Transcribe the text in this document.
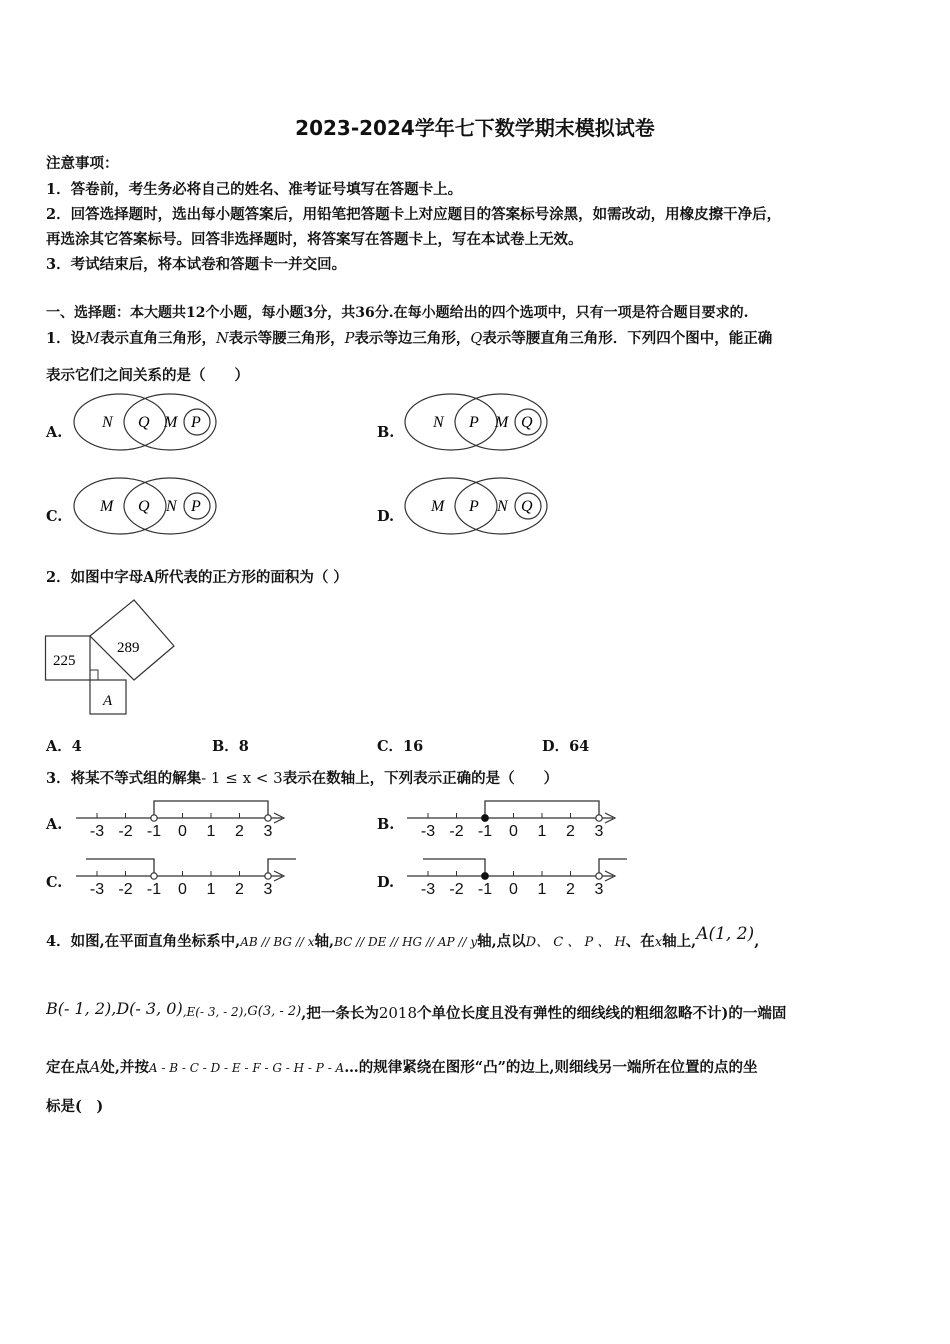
2023-2024学年七下数学期末模拟试卷
注意事项：
1．答卷前，考生务必将自己的姓名、准考证号填写在答题卡上。
2．回答选择题时，选出每小题答案后，用铅笔把答题卡上对应题目的答案标号涂黑，如需改动，用橡皮擦干净后，
再选涂其它答案标号。回答非选择题时，将答案写在答题卡上，写在本试卷上无效。
3．考试结束后，将本试卷和答题卡一并交回。
一、选择题：本大题共12个小题，每小题3分，共36分.在每小题给出的四个选项中，只有一项是符合题目要求的.
1．设M表示直角三角形，N表示等腰三角形，P表示等边三角形，Q表示等腰直角三角形．下列四个图中，能正确
表示它们之间关系的是（　　）
A.	B.
C.	D.
N Q M P	N P M Q
M Q N P	M P N Q
2．如图中字母A所代表的正方形的面积为（ ）
225
289
A
A．4	B．8	C．16	D．64
3．将某不等式组的解集- 1 ≤ x < 3表示在数轴上，下列表示正确的是（　　）
A.	B.
C.	D.
-3 -2 -1 0 1 2 3	-3 -2 -1 0 1 2 3
-3 -2 -1 0 1 2 3	-3 -2 -1 0 1 2 3
4．如图,在平面直角坐标系中,AB // BG // x轴,BC // DE // HG // AP // y轴,点以D、 C 、 P 、 H、在x轴上,A(1, 2),
B(- 1, 2),D(- 3, 0),E(- 3, - 2),G(3, - 2),把一条长为2018个单位长度且没有弹性的细线线的粗细忽略不计)的一端固
定在点A处,并按A - B - C - D - E - F - G - H - P - A…的规律紧绕在图形“凸”的边上,则细线另一端所在位置的点的坐
标是(　)
